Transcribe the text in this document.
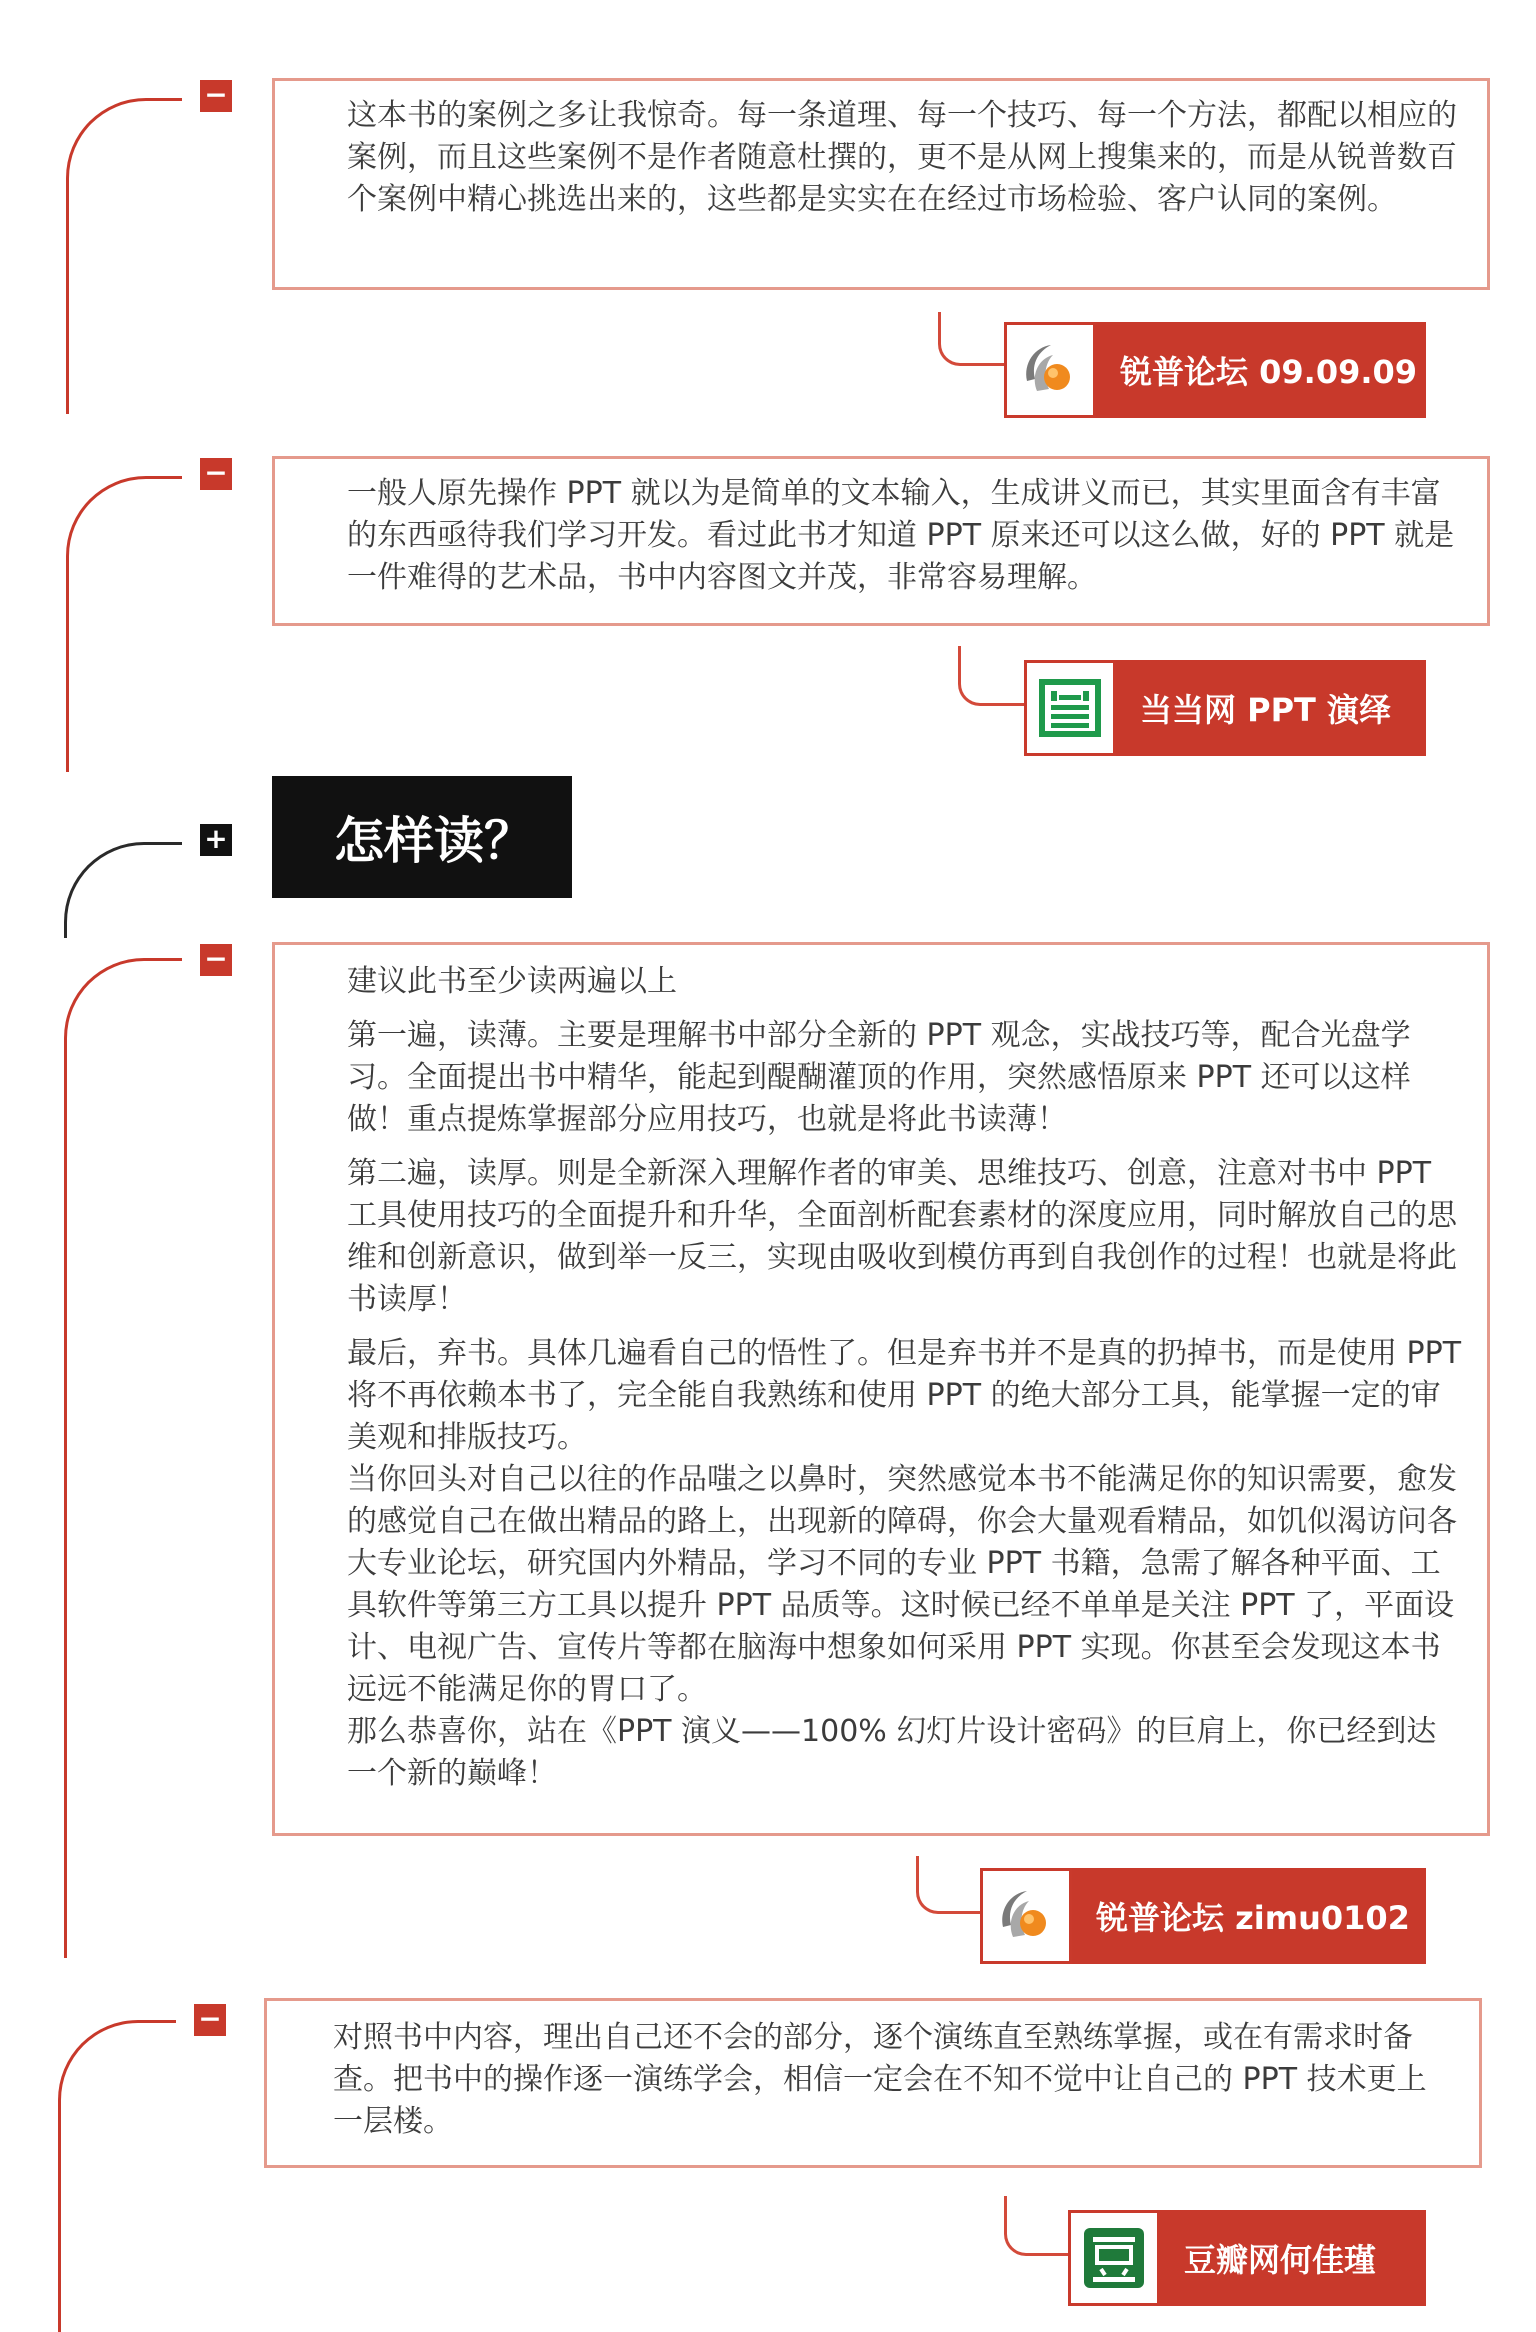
−
这本书的案例之多让我惊奇。每一条道理、每一个技巧、每一个方法，都配以相应的案例，而且这些案例不是作者随意杜撰的，更不是从网上搜集来的，而是从锐普数百个案例中精心挑选出来的，这些都是实实在在经过市场检验、客户认同的案例。
锐普论坛 09.09.09
−
一般人原先操作 PPT 就以为是简单的文本输入，生成讲义而已，其实里面含有丰富的东西亟待我们学习开发。看过此书才知道 PPT 原来还可以这么做，好的 PPT 就是一件难得的艺术品，书中内容图文并茂，非常容易理解。
当当网 PPT 演绎
+	怎样读？
−

建议此书至少读两遍以上

第一遍，读薄。主要是理解书中部分全新的 PPT 观念，实战技巧等，配合光盘学习。全面提出书中精华，能起到醍醐灌顶的作用，突然感悟原来 PPT 还可以这样做！重点提炼掌握部分应用技巧，也就是将此书读薄！

第二遍，读厚。则是全新深入理解作者的审美、思维技巧、创意，注意对书中 PPT 工具使用技巧的全面提升和升华，全面剖析配套素材的深度应用，同时解放自己的思维和创新意识，做到举一反三，实现由吸收到模仿再到自我创作的过程！也就是将此书读厚！

最后，弃书。具体几遍看自己的悟性了。但是弃书并不是真的扔掉书，而是使用 PPT 将不再依赖本书了，完全能自我熟练和使用 PPT 的绝大部分工具，能掌握一定的审美观和排版技巧。

当你回头对自己以往的作品嗤之以鼻时，突然感觉本书不能满足你的知识需要，愈发的感觉自己在做出精品的路上，出现新的障碍，你会大量观看精品，如饥似渴访问各大专业论坛，研究国内外精品，学习不同的专业 PPT 书籍，急需了解各种平面、工具软件等第三方工具以提升 PPT 品质等。这时候已经不单单是关注 PPT 了，平面设计、电视广告、宣传片等都在脑海中想象如何采用 PPT 实现。你甚至会发现这本书远远不能满足你的胃口了。

那么恭喜你，站在《PPT 演义——100% 幻灯片设计密码》的巨肩上，你已经到达一个新的巅峰！

锐普论坛 zimu0102
−
对照书中内容，理出自己还不会的部分，逐个演练直至熟练掌握，或在有需求时备查。把书中的操作逐一演练学会，相信一定会在不知不觉中让自己的 PPT 技术更上一层楼。
豆瓣网何佳瑾
